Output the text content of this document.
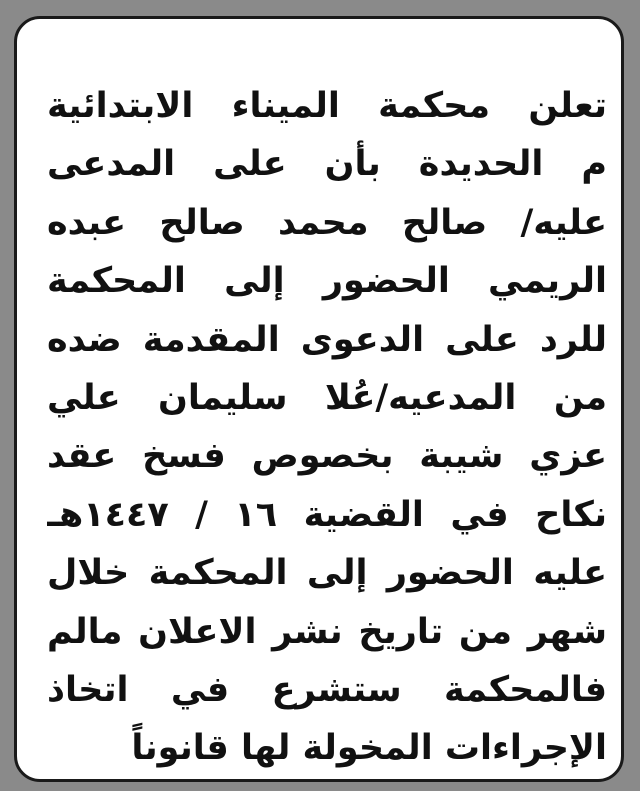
تعلن محكمة الميناء الابتدائية
م الحديدة بأن على المدعى
عليه/ صالح محمد صالح عبده
الريمي الحضور إلى المحكمة
للرد على الدعوى المقدمة ضده
من المدعيه/عُلا سليمان علي
عزي شيبة بخصوص فسخ عقد
نكاح في القضية ١٦ / ١٤٤٧هـ
عليه الحضور إلى المحكمة خلال
شهر من تاريخ نشر الاعلان مالم
فالمحكمة ستشرع في اتخاذ
الإجراءات المخولة لها قانوناً
